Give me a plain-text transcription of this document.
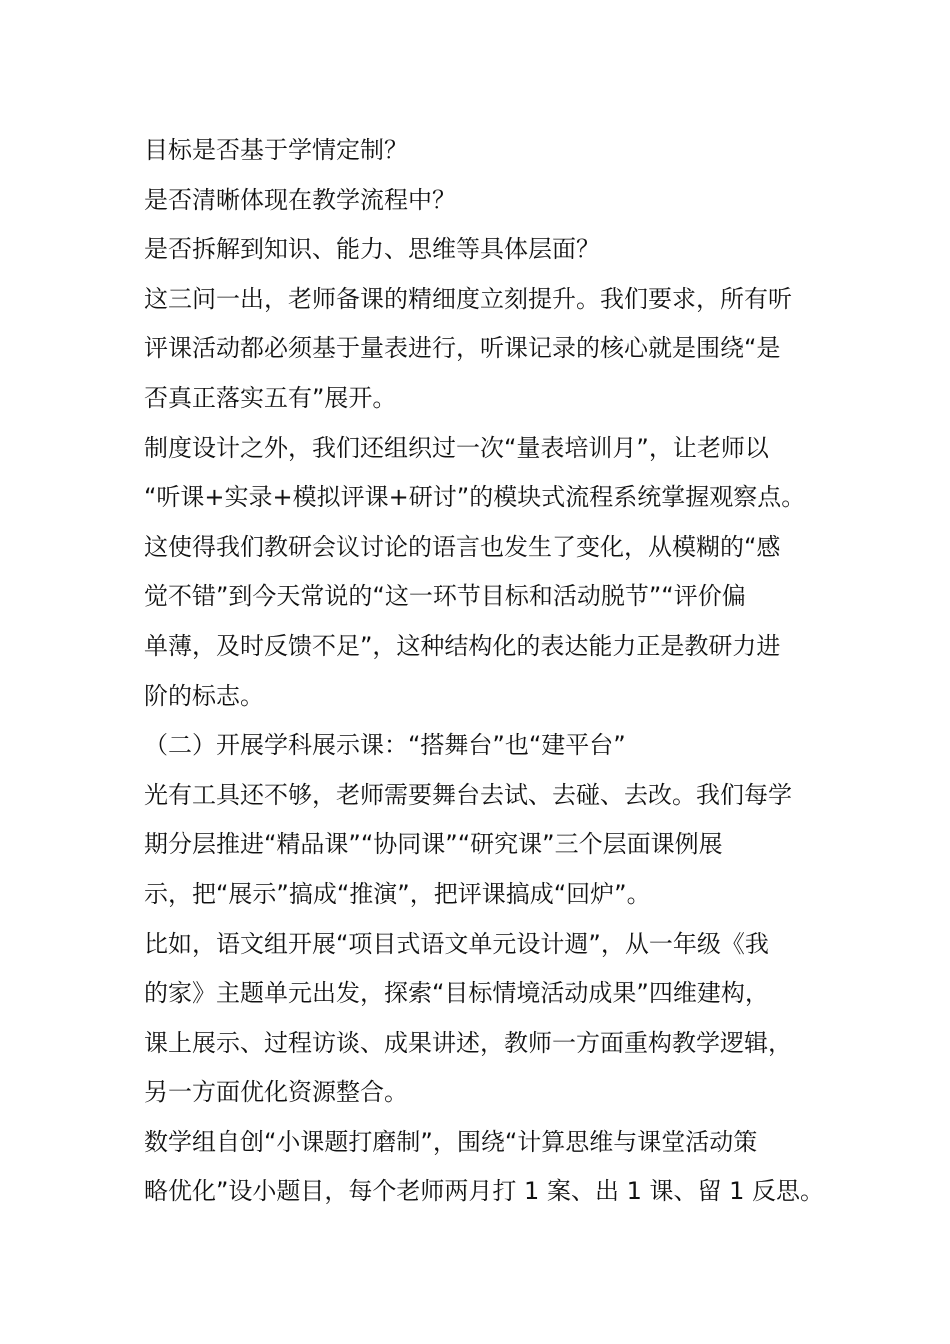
目标是否基于学情定制？
是否清晰体现在教学流程中？
是否拆解到知识、能力、思维等具体层面？
这三问一出，老师备课的精细度立刻提升。我们要求，所有听
评课活动都必须基于量表进行，听课记录的核心就是围绕“是
否真正落实五有”展开。
制度设计之外，我们还组织过一次“量表培训月”，让老师以
“听课+实录+模拟评课+研讨”的模块式流程系统掌握观察点。
这使得我们教研会议讨论的语言也发生了变化，从模糊的“感
觉不错”到今天常说的“这一环节目标和活动脱节”“评价偏
单薄，及时反馈不足”，这种结构化的表达能力正是教研力进
阶的标志。
（二）开展学科展示课：“搭舞台”也“建平台”
光有工具还不够，老师需要舞台去试、去碰、去改。我们每学
期分层推进“精品课”“协同课”“研究课”三个层面课例展
示，把“展示”搞成“推演”，把评课搞成“回炉”。
比如，语文组开展“项目式语文单元设计週”，从一年级《我
的家》主题单元出发，探索“目标情境活动成果”四维建构，
课上展示、过程访谈、成果讲述，教师一方面重构教学逻辑，
另一方面优化资源整合。
数学组自创“小课题打磨制”，围绕“计算思维与课堂活动策
略优化”设小题目，每个老师两月打 1 案、出 1 课、留 1 反思。
